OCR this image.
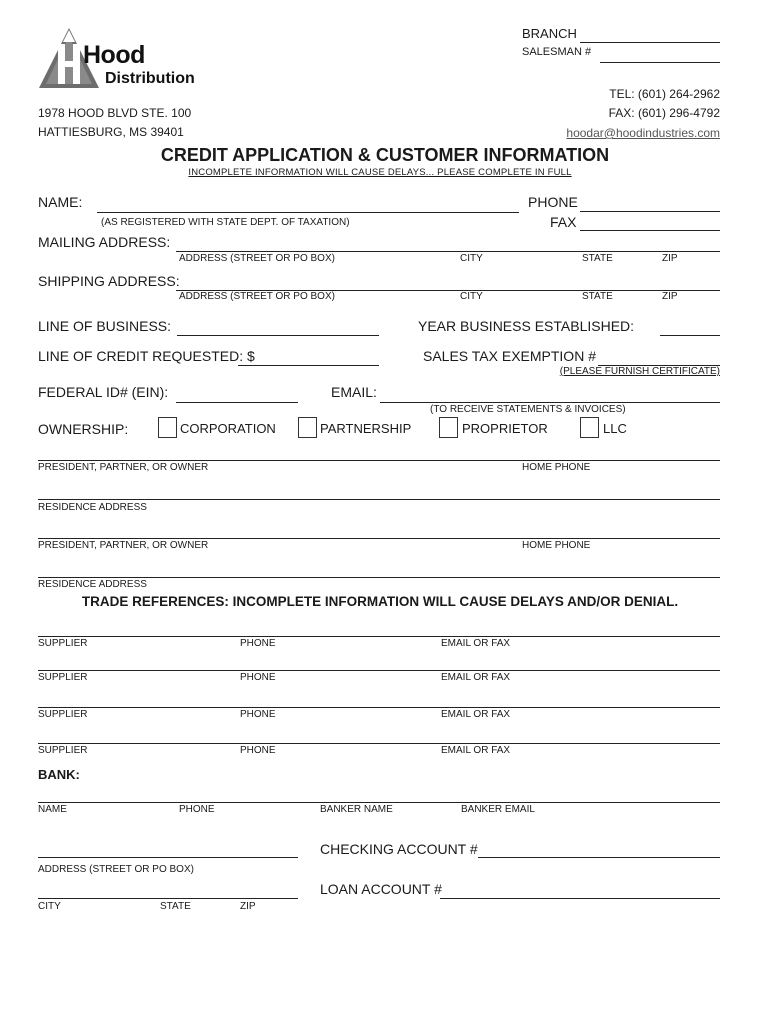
Hood
Distribution
BRANCH
SALESMAN #
TEL: (601) 264-2962
FAX: (601) 296-4792
hoodar@hoodindustries.com
1978 HOOD BLVD STE. 100
HATTIESBURG, MS 39401
CREDIT APPLICATION & CUSTOMER INFORMATION
INCOMPLETE INFORMATION WILL CAUSE DELAYS... PLEASE COMPLETE IN FULL
NAME:
(AS REGISTERED WITH STATE DEPT. OF TAXATION)
PHONE
FAX
MAILING ADDRESS:
ADDRESS (STREET OR PO BOX)	CITY	STATE	ZIP
SHIPPING ADDRESS:
ADDRESS (STREET OR PO BOX)	CITY	STATE	ZIP
LINE OF BUSINESS:	YEAR BUSINESS ESTABLISHED:
LINE OF CREDIT REQUESTED: $	SALES TAX EXEMPTION #
(PLEASE FURNISH CERTIFICATE)
FEDERAL ID# (EIN):	EMAIL:
(TO RECEIVE STATEMENTS & INVOICES)
OWNERSHIP:	CORPORATION	PARTNERSHIP	PROPRIETOR	LLC
PRESIDENT, PARTNER, OR OWNER	HOME PHONE
RESIDENCE ADDRESS
PRESIDENT, PARTNER, OR OWNER	HOME PHONE
RESIDENCE ADDRESS
TRADE REFERENCES: INCOMPLETE INFORMATION WILL CAUSE DELAYS AND/OR DENIAL.
SUPPLIER	PHONE	EMAIL OR FAX
SUPPLIER	PHONE	EMAIL OR FAX
SUPPLIER	PHONE	EMAIL OR FAX
SUPPLIER	PHONE	EMAIL OR FAX
BANK:
NAME	PHONE	BANKER NAME	BANKER EMAIL
CHECKING ACCOUNT #
ADDRESS (STREET OR PO BOX)
LOAN ACCOUNT #
CITY	STATE	ZIP
